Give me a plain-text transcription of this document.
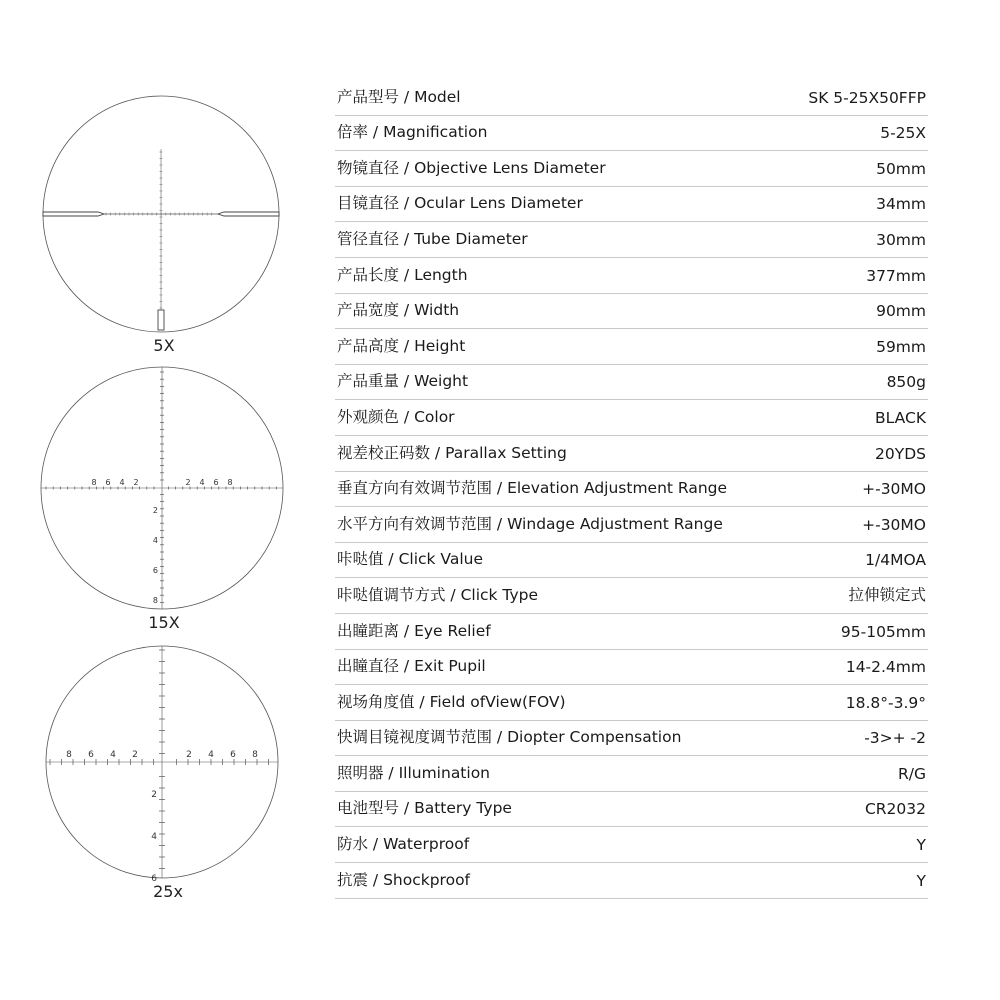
5X
8 6 4 2	2 4 6 8
2
4
6
8
15X
8 6 4 2	2 4 6 8
2
4
6
25x
产品型号 / Model	SK 5-25X50FFP
倍率 / Magnification	5-25X
物镜直径 / Objective Lens Diameter	50mm
目镜直径 / Ocular Lens Diameter	34mm
管径直径 / Tube Diameter	30mm
产品长度 / Length	377mm
产品宽度 / Width	90mm
产品高度 / Height	59mm
产品重量 / Weight	850g
外观颜色 / Color	BLACK
视差校正码数 / Parallax Setting	20YDS
垂直方向有效调节范围 / Elevation Adjustment Range	+-30MO
水平方向有效调节范围 / Windage Adjustment Range	+-30MO
咔哒值 / Click Value	1/4MOA
咔哒值调节方式 / Click Type	拉伸锁定式
出瞳距离 / Eye Relief	95-105mm
出瞳直径 / Exit Pupil	14-2.4mm
视场角度值 / Field ofView(FOV)	18.8°-3.9°
快调目镜视度调节范围 / Diopter Compensation	-3>+ -2
照明器 / Illumination	R/G
电池型号 / Battery Type	CR2032
防水 / Waterproof	Y
抗震 / Shockproof	Y
